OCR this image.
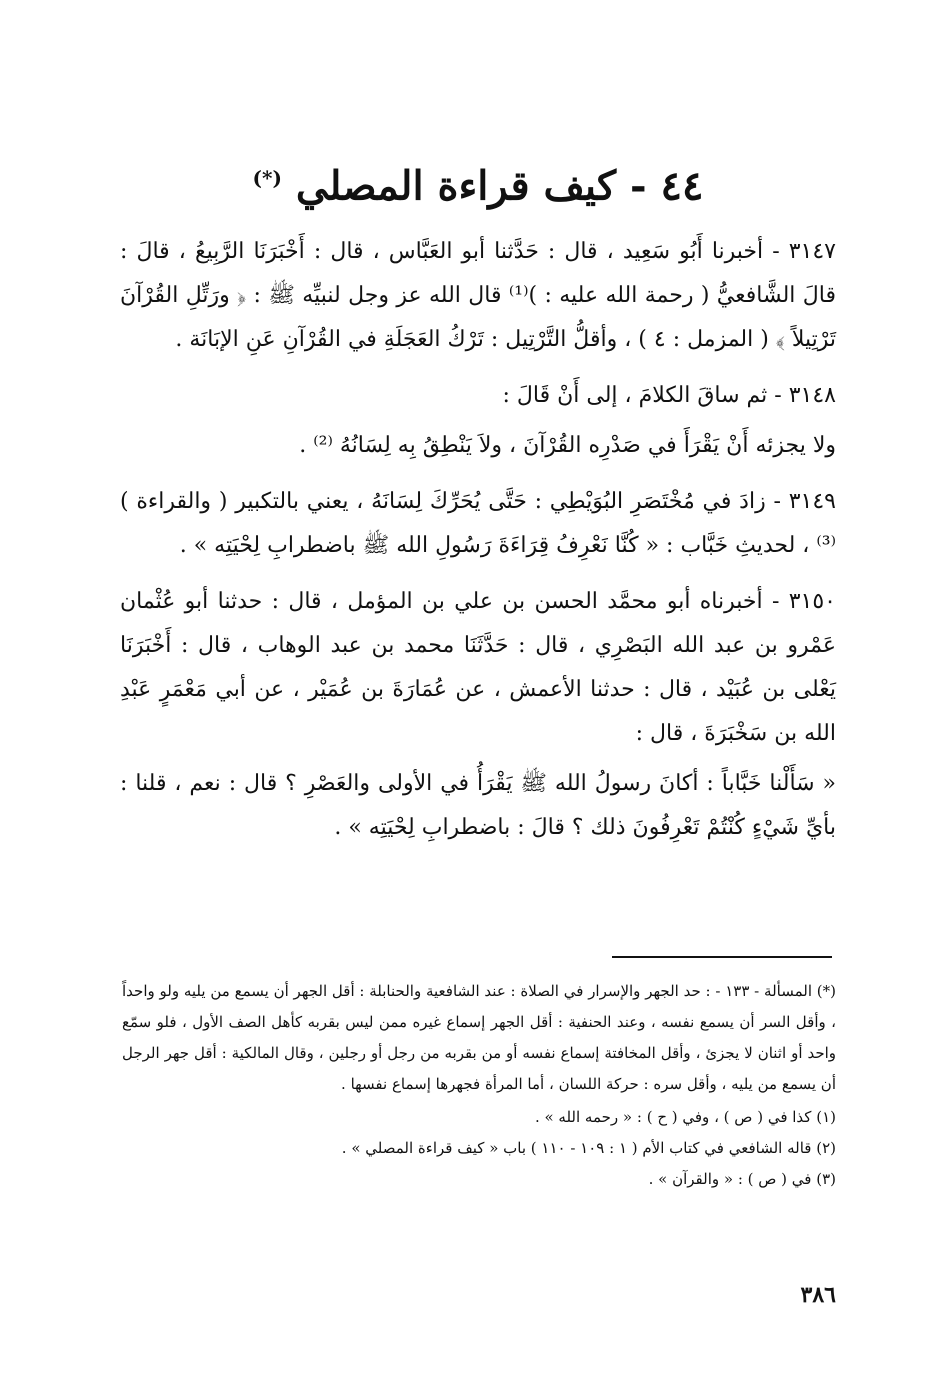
٤٤ - كيف قراءة المصلي (*)

٣١٤٧ - أخبرنا أَبُو سَعِيد ، قال : حَدَّثنا أبو العَبَّاس ، قال : أَخْبَرَنَا الرَّبِيعُ ، قالَ : قالَ الشَّافعيُّ ( رحمة الله عليه : )⁽¹⁾ قال الله عز وجل لنبيِّه ﷺ : ﴿ ورَتِّلِ القُرْآنَ تَرْتِيلاً ﴾ ( المزمل : ٤ ) ، وأقلُّ التَّرْتِيل : تَرْكُ العَجَلَةِ في القُرْآنِ عَنِ الإبَانَة .

٣١٤٨ - ثم ساقَ الكلامَ ، إلى أَنْ قَالَ :

ولا يجزئه أَنْ يَقْرَأَ في صَدْرِه القُرْآنَ ، ولاَ يَنْطِقُ بِه لِسَانُهُ ⁽²⁾ .

٣١٤٩ - زادَ في مُخْتَصَرِ البُوَيْطِي : حَتَّى يُحَرِّكَ لِسَانَهُ ، يعني بالتكبير ( والقراءة ) ⁽³⁾ ، لحديثِ خَبَّاب : « كُنَّا نَعْرِفُ قِرَاءَةَ رَسُولِ الله ﷺ باضطرابِ لِحْيَتِه » .

٣١٥٠ - أخبرناه أبو محمَّد الحسن بن علي بن المؤمل ، قال : حدثنا أبو عُثْمان عَمْرو بن عبد الله البَصْرِي ، قال : حَدَّثَنَا محمد بن عبد الوهاب ، قال : أَخْبَرَنَا يَعْلى بن عُبَيْد ، قال : حدثنا الأعمش ، عن عُمَارَةَ بن عُمَيْر ، عن أبي مَعْمَرٍ عَبْدِ الله بن سَخْبَرَةَ ، قال :

« سَأَلْنا خَبَّاباً : أكانَ رسولُ الله ﷺ يَقْرَأُ في الأولى والعَصْرِ ؟ قال : نعم ، قلنا : بأيِّ شَيْءٍ كُنْتُمْ تَعْرِفُونَ ذلك ؟ قالَ : باضطرابِ لِحْيَتِه » .

(*) المسألة - ١٣٣ - : حد الجهر والإسرار في الصلاة : عند الشافعية والحنابلة : أقل الجهر أن يسمع من يليه ولو واحداً ، وأقل السر أن يسمع نفسه ، وعند الحنفية : أقل الجهر إسماع غيره ممن ليس بقربه كأهل الصف الأول ، فلو سمّع واحد أو اثنان لا يجزئ ، وأقل المخافتة إسماع نفسه أو من بقربه من رجل أو رجلين ، وقال المالكية : أقل جهر الرجل أن يسمع من يليه ، وأقل سره : حركة اللسان ، أما المرأة فجهرها إسماع نفسها .

(١) كذا في ( ص ) ، وفي ( ح ) : « رحمه الله » .

(٢) قاله الشافعي في كتاب الأم ( ١ : ١٠٩ - ١١٠ ) باب « كيف قراءة المصلي » .

(٣) في ( ص ) : « والقرآن » .

٣٨٦
